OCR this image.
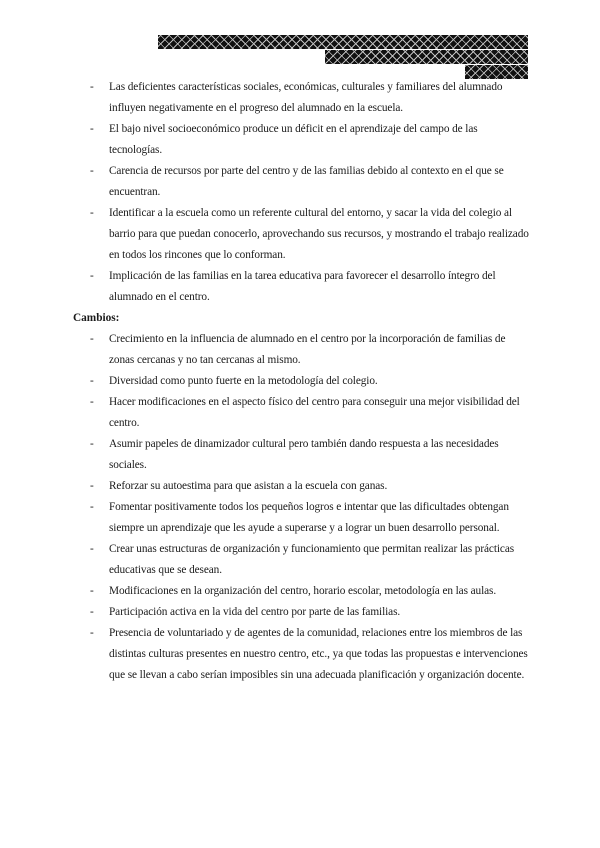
- Las deficientes características sociales, económicas, culturales y familiares del alumnado influyen negativamente en el progreso del alumnado en la escuela.
- El bajo nivel socioeconómico produce un déficit en el aprendizaje del campo de las tecnologías.
- Carencia de recursos por parte del centro y de las familias debido al contexto en el que se encuentran.
- Identificar a la escuela como un referente cultural del entorno, y sacar la vida del colegio al barrio para que puedan conocerlo, aprovechando sus recursos, y mostrando el trabajo realizado en todos los rincones que lo conforman.
- Implicación de las familias en la tarea educativa para favorecer el desarrollo íntegro del alumnado en el centro.

Cambios:

- Crecimiento en la influencia de alumnado en el centro por la incorporación de familias de zonas cercanas y no tan cercanas al mismo.
- Diversidad como punto fuerte en la metodología del colegio.
- Hacer modificaciones en el aspecto físico del centro para conseguir una mejor visibilidad del centro.
- Asumir papeles de dinamizador cultural pero también dando respuesta a las necesidades sociales.
- Reforzar su autoestima para que asistan a la escuela con ganas.
- Fomentar positivamente todos los pequeños logros e intentar que las dificultades obtengan siempre un aprendizaje que les ayude a superarse y a lograr un buen desarrollo personal.
- Crear unas estructuras de organización y funcionamiento que permitan realizar las prácticas educativas que se desean.
- Modificaciones en la organización del centro, horario escolar, metodología en las aulas.
- Participación activa en la vida del centro por parte de las familias.
- Presencia de voluntariado y de agentes de la comunidad, relaciones entre los miembros de las distintas culturas presentes en nuestro centro, etc., ya que todas las propuestas e intervenciones que se llevan a cabo serían imposibles sin una adecuada planificación y organización docente.
